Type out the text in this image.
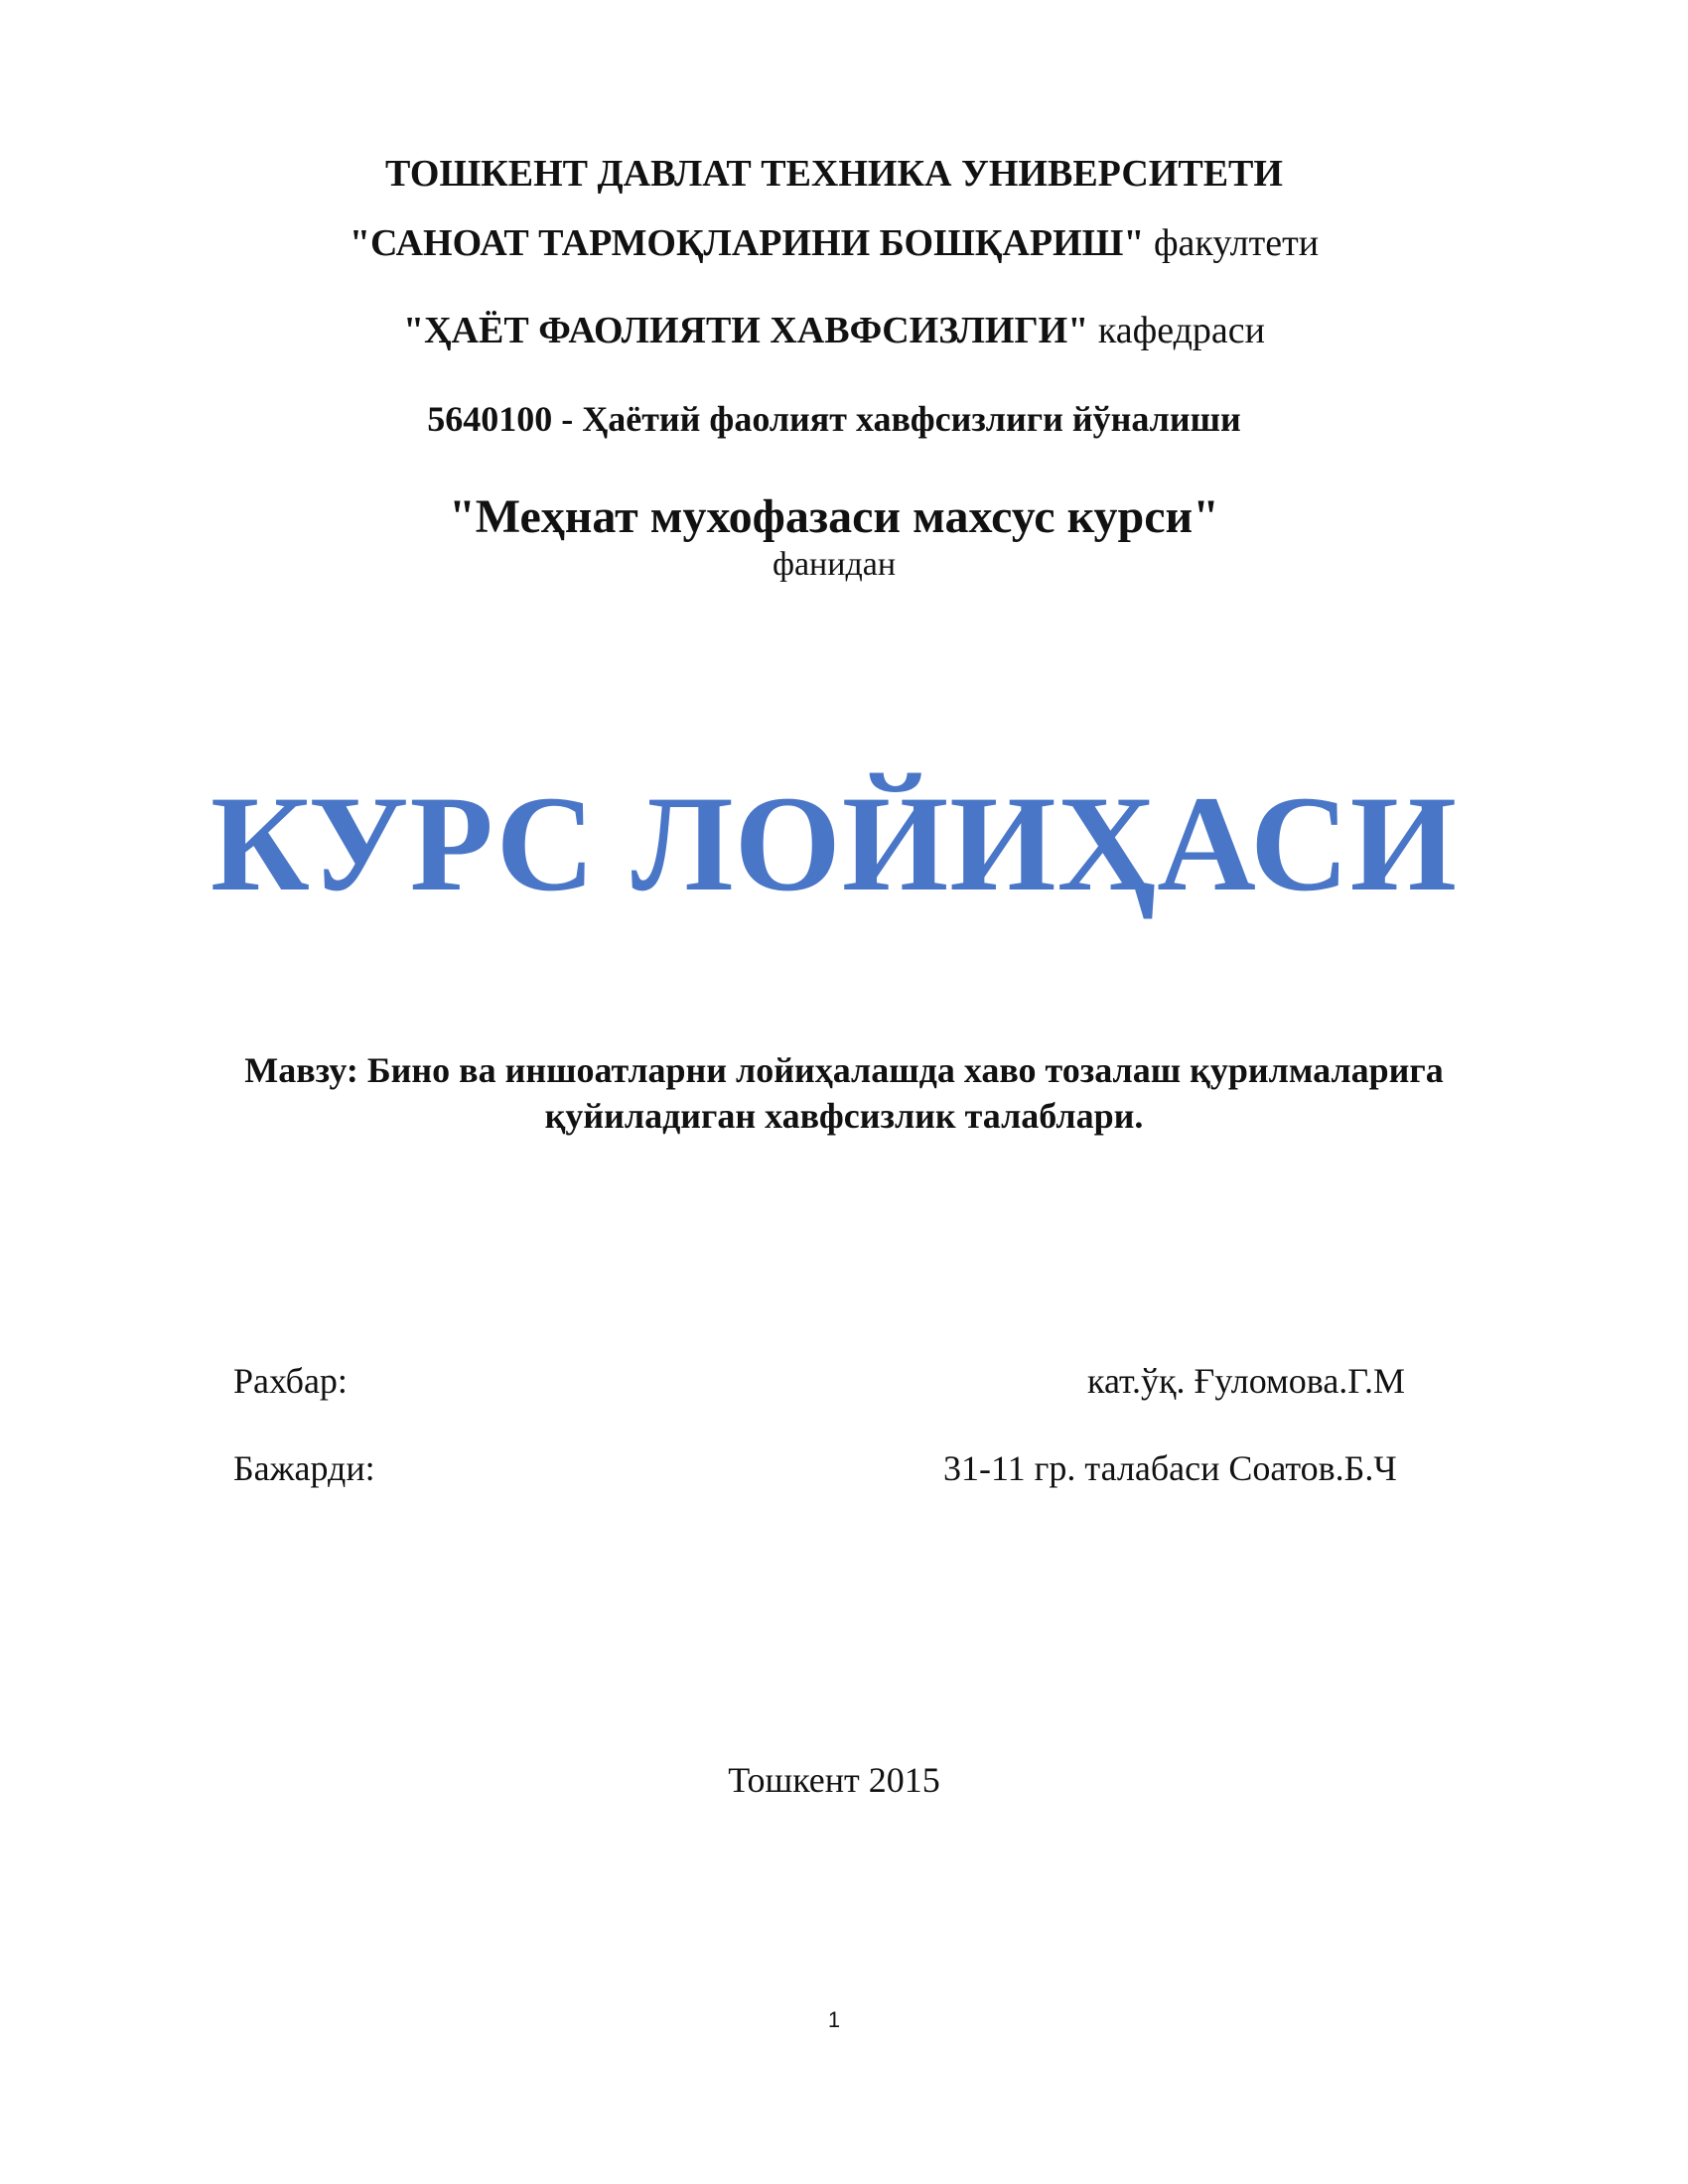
ТОШКЕНТ ДАВЛАТ ТЕХНИКА УНИВЕРСИТЕТИ
"САНОАТ ТАРМОҚЛАРИНИ БОШҚАРИШ" факултети
"ҲАЁТ ФАОЛИЯТИ ХАВФСИЗЛИГИ" кафедраси
5640100 - Ҳаётий фаолият хавфсизлиги йўналиши
"Меҳнат мухофазаси махсус курси"
фанидан
КУРС ЛОЙИҲАСИ
Мавзу: Бино ва иншоатларни лойиҳалашда хаво тозалаш қурилмаларига
қуйиладиган хавфсизлик талаблари.
Рахбар:	кат.ўқ. Ғуломова.Г.М
Бажарди:	31-11 гр. талабаси Соатов.Б.Ч
Тошкент 2015
1
